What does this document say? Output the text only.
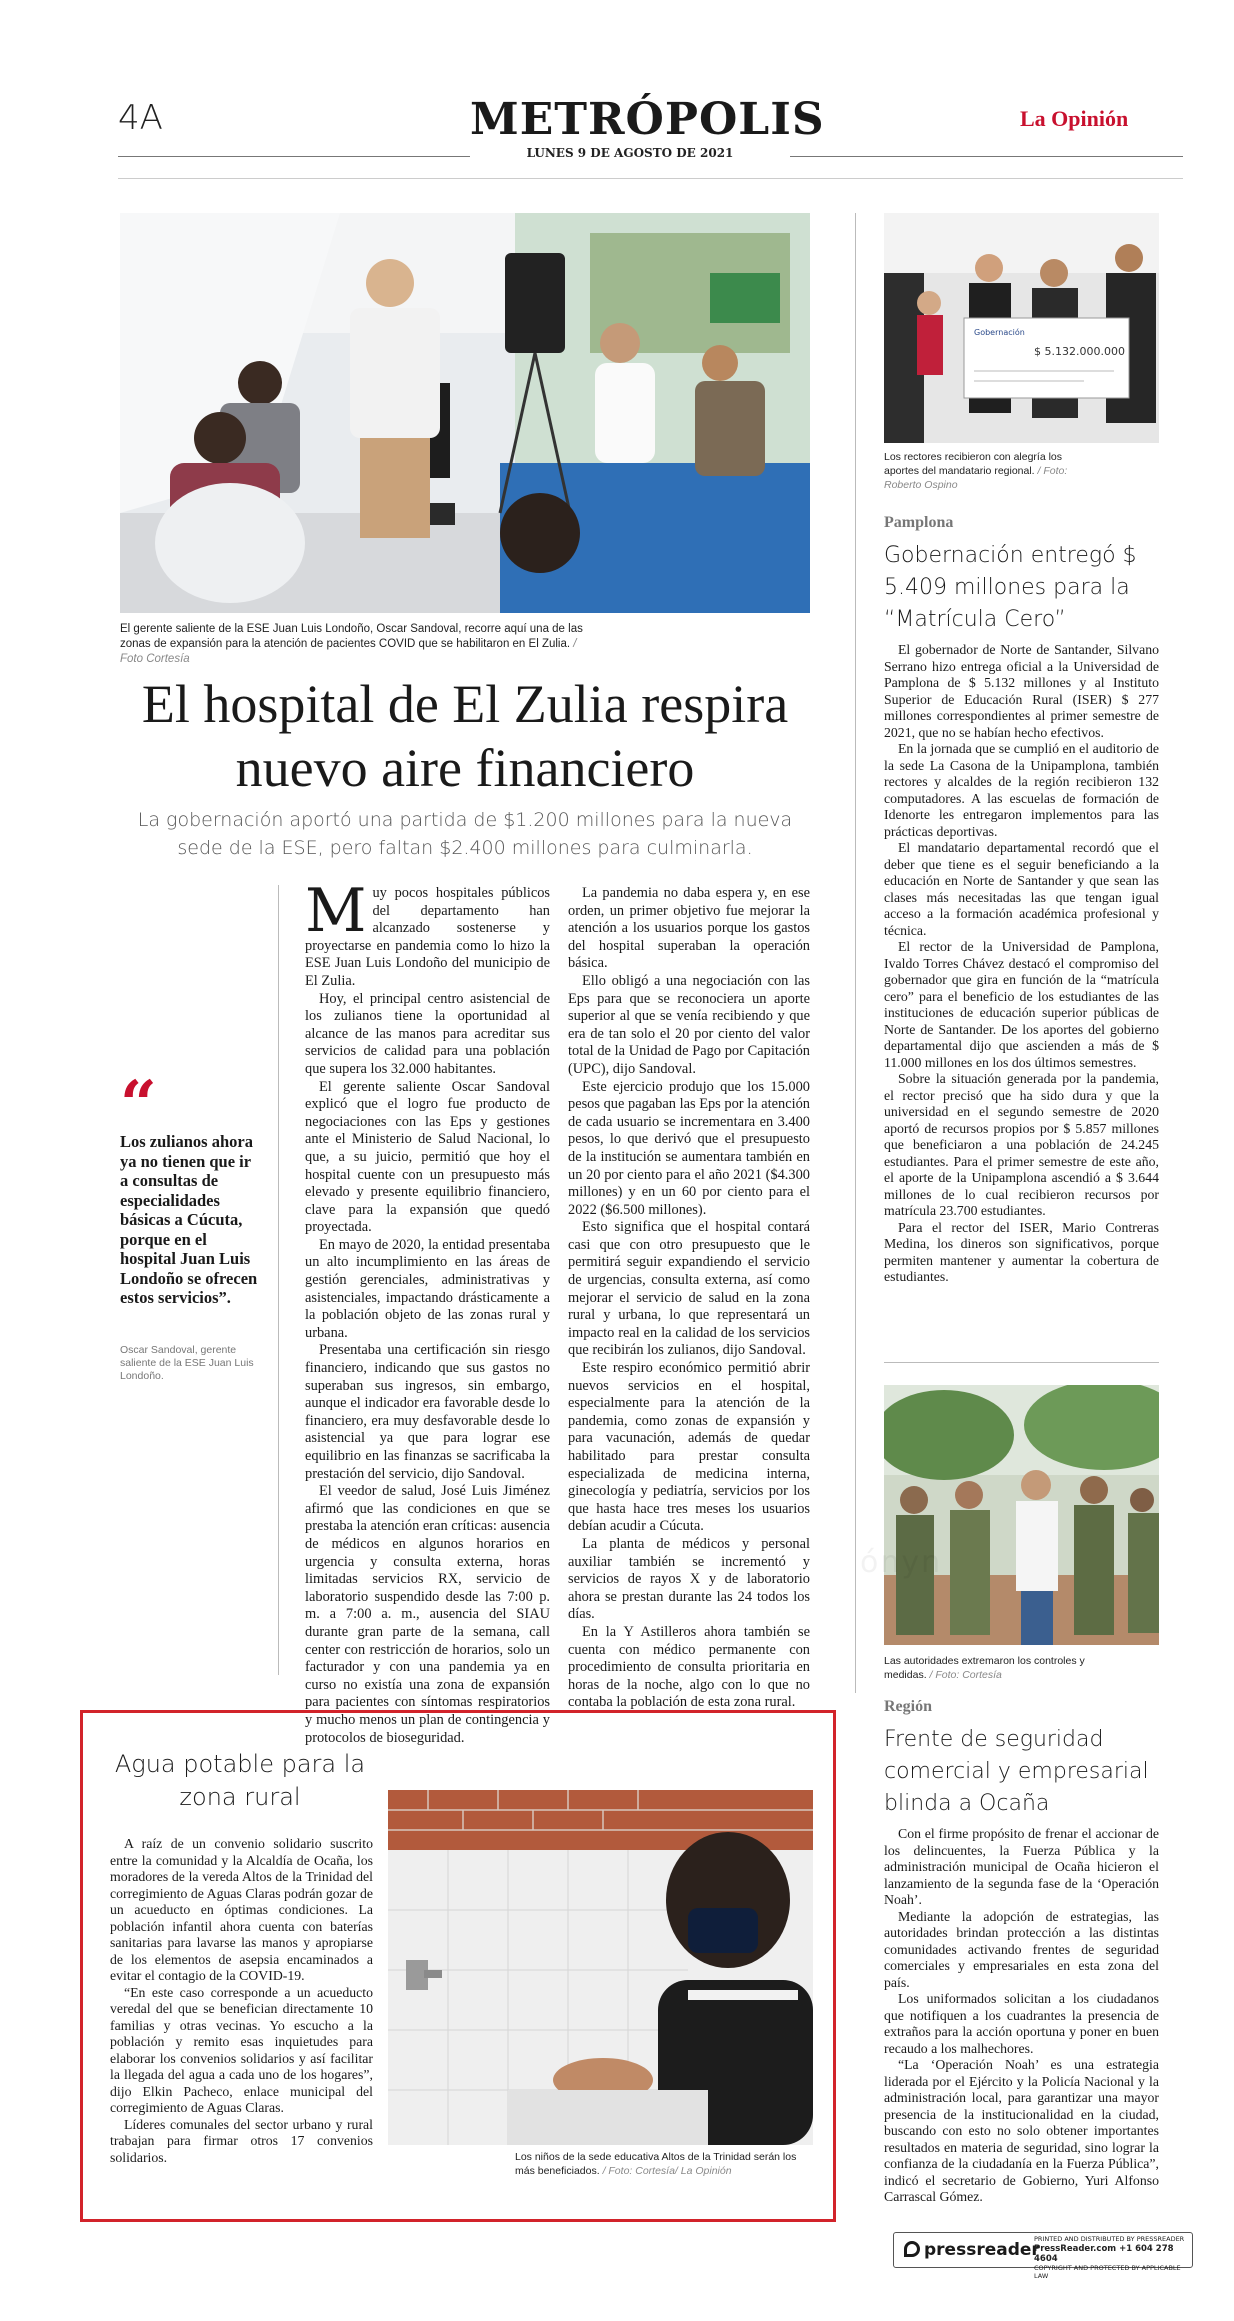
4A	METRÓPOLIS
LUNES 9 DE AGOSTO DE 2021
La Opinión
El gerente saliente de la ESE Juan Luis Londoño, Oscar Sandoval, recorre aquí una de las zonas de expansión para la atención de pacientes COVID que se habilitaron en El Zulia. / Foto Cortesía
El hospital de El Zulia respira nuevo aire financiero
La gobernación aportó una partida de $1.200 millones para la nueva sede de la ESE, pero faltan $2.400 millones para culminarla.
“
Los zulianos ahora ya no tienen que ir a consultas de especialidades básicas a Cúcuta, porque en el hospital Juan Luis Londoño se ofrecen estos servicios”.
Oscar Sandoval, gerente saliente de la ESE Juan Luis Londoño.

Muy pocos hospitales públicos del departamento han alcanzado sostenerse y proyectarse en pandemia como lo hizo la ESE Juan Luis Londoño del municipio de El Zulia.

Hoy, el principal centro asistencial de los zulianos tiene la oportunidad al alcance de las manos para acreditar sus servicios de calidad para una población que supera los 32.000 habitantes.

El gerente saliente Oscar Sandoval explicó que el logro fue producto de negociaciones con las Eps y gestiones ante el Ministerio de Salud Nacional, lo que, a su juicio, permitió que hoy el hospital cuente con un presupuesto más elevado y presente equilibrio financiero, clave para la expansión que quedó proyectada.

En mayo de 2020, la entidad presentaba un alto incumplimiento en las áreas de gestión gerenciales, administrativas y asistenciales, impactando drásticamente a la población objeto de las zonas rural y urbana.

Presentaba una certificación sin riesgo financiero, indicando que sus gastos no superaban sus ingresos, sin embargo, aunque el indicador era favorable desde lo financiero, era muy desfavorable desde lo asistencial ya que para lograr ese equilibrio en las finanzas se sacrificaba la prestación del servicio, dijo Sandoval.

El veedor de salud, José Luis Jiménez afirmó que las condiciones en que se prestaba la atención eran críticas: ausencia de médicos en algunos horarios en urgencia y consulta externa, horas limitadas servicios RX, servicio de laboratorio suspendido desde las 7:00 p. m. a 7:00 a. m., ausencia del SIAU durante gran parte de la semana, call center con restricción de horarios, solo un facturador y con una pandemia ya en curso no existía una zona de expansión para pacientes con síntomas respiratorios y mucho menos un plan de contingencia y protocolos de bioseguridad.

La pandemia no daba espera y, en ese orden, un primer objetivo fue mejorar la atención a los usuarios porque los gastos del hospital superaban la operación básica.

Ello obligó a una negociación con las Eps para que se reconociera un aporte superior al que se venía recibiendo y que era de tan solo el 20 por ciento del valor total de la Unidad de Pago por Capitación (UPC), dijo Sandoval.

Este ejercicio produjo que los 15.000 pesos que pagaban las Eps por la atención de cada usuario se incrementara en 3.400 pesos, lo que derivó que el presupuesto de la institución se aumentara también en un 20 por ciento para el año 2021 ($4.300 millones) y en un 60 por ciento para el 2022 ($6.500 millones).

Esto significa que el hospital contará casi que con otro presupuesto que le permitirá seguir expandiendo el servicio de urgencias, consulta externa, así como mejorar el servicio de salud en la zona rural y urbana, lo que representará un impacto real en la calidad de los servicios que recibirán los zulianos, dijo Sandoval.

Este respiro económico permitió abrir nuevos servicios en el hospital, especialmente para la atención de la pandemia, como zonas de expansión y para vacunación, además de quedar habilitado para prestar consulta especializada de medicina interna, ginecología y pediatría, servicios por los que hasta hace tres meses los usuarios debían acudir a Cúcuta.

La planta de médicos y personal auxiliar también se incrementó y servicios de rayos X y de laboratorio ahora se prestan durante las 24 todos los días.

En la Y Astilleros ahora también se cuenta con médico permanente con procedimiento de consulta prioritaria en horas de la noche, algo con lo que no contaba la población de esta zona rural.

Gobernación
$ 5.132.000.000
Los rectores recibieron con alegría los aportes del mandatario regional. / Foto: Roberto Ospino
Pamplona
Gobernación entregó $ 5.409 millones para la “Matrícula Cero”

El gobernador de Norte de Santander, Silvano Serrano hizo entrega oficial a la Universidad de Pamplona de $ 5.132 millones y al Instituto Superior de Educación Rural (ISER) $ 277 millones correspondientes al primer semestre de 2021, que no se habían hecho efectivos.

En la jornada que se cumplió en el auditorio de la sede La Casona de la Unipamplona, también rectores y alcaldes de la región recibieron 132 computadores. A las escuelas de formación de Idenorte les entregaron implementos para las prácticas deportivas.

El mandatario departamental recordó que el deber que tiene es el seguir beneficiando a la educación en Norte de Santander y que sean las clases más necesitadas las que tengan igual acceso a la formación académica profesional y técnica.

El rector de la Universidad de Pamplona, Ivaldo Torres Chávez destacó el compromiso del gobernador que gira en función de la “matrícula cero” para el beneficio de los estudiantes de las instituciones de educación superior públicas de Norte de Santander. De los aportes del gobierno departamental dijo que ascienden a más de $ 11.000 millones en los dos últimos semestres.

Sobre la situación generada por la pandemia, el rector precisó que ha sido dura y que la universidad en el segundo semestre de 2020 aportó de recursos propios por $ 5.857 millones que beneficiaron a una población de 24.245 estudiantes. Para el primer semestre de este año, el aporte de la Unipamplona ascendió a $ 3.644 millones de lo cual recibieron recursos por matrícula 23.700 estudiantes.

Para el rector del ISER, Mario Contreras Medina, los dineros son significativos, porque permiten mantener y aumentar la cobertura de estudiantes.

Las autoridades extremaron los controles y medidas. / Foto: Cortesía
Región
Frente de seguridad comercial y empresarial blinda a Ocaña

Con el firme propósito de frenar el accionar de los delincuentes, la Fuerza Pública y la administración municipal de Ocaña hicieron el lanzamiento de la segunda fase de la ‘Operación Noah’.

Mediante la adopción de estrategias, las autoridades brindan protección a las distintas comunidades activando frentes de seguridad comerciales y empresariales en esta zona del país.

Los uniformados solicitan a los ciudadanos que notifiquen a los cuadrantes la presencia de extraños para la acción oportuna y poner en buen recaudo a los malhechores.

“La ‘Operación Noah’ es una estrategia liderada por el Ejército y la Policía Nacional y la administración local, para garantizar una mayor presencia de la institucionalidad en la ciudad, buscando con esto no solo obtener importantes resultados en materia de seguridad, sino lograr la confianza de la ciudadanía en la Fuerza Pública”, indicó el secretario de Gobierno, Yuri Alfonso Carrascal Gómez.

ónyn
Agua potable para la zona rural

A raíz de un convenio solidario suscrito entre la comunidad y la Alcaldía de Ocaña, los moradores de la vereda Altos de la Trinidad del corregimiento de Aguas Claras podrán gozar de un acueducto en óptimas condiciones. La población infantil ahora cuenta con baterías sanitarias para lavarse las manos y apropiarse de los elementos de asepsia encaminados a evitar el contagio de la COVID-19.

“En este caso corresponde a un acueducto veredal del que se benefician directamente 10 familias y otras vecinas. Yo escucho a la población y remito esas inquietudes para elaborar los convenios solidarios y así facilitar la llegada del agua a cada uno de los hogares”, dijo Elkin Pacheco, enlace municipal del corregimiento de Aguas Claras.

Líderes comunales del sector urbano y rural trabajan para firmar otros 17 convenios solidarios.	Los niños de la sede educativa Altos de la Trinidad serán los más beneficiados. / Foto: Cortesía/ La Opinión
pressreader
PRINTED AND DISTRIBUTED BY PRESSREADER
PressReader.com +1 604 278 4604
COPYRIGHT AND PROTECTED BY APPLICABLE LAW
